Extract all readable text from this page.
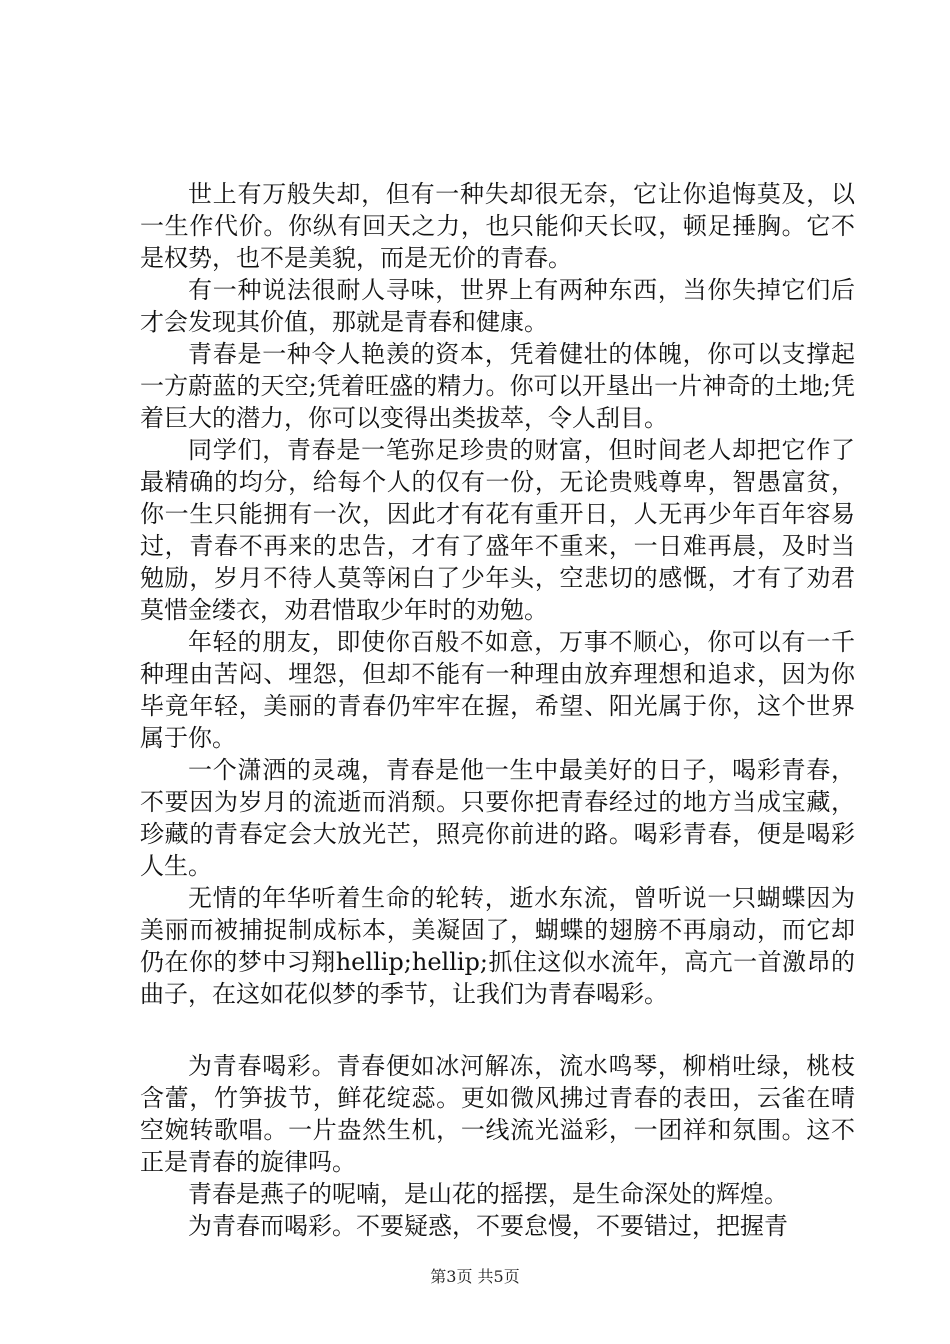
世上有万般失却，但有一种失却很无奈，它让你追悔莫及，以一生作代价。你纵有回天之力，也只能仰天长叹，顿足捶胸。它不是权势，也不是美貌，而是无价的青春。

有一种说法很耐人寻味，世界上有两种东西，当你失掉它们后才会发现其价值，那就是青春和健康。

青春是一种令人艳羡的资本，凭着健壮的体魄，你可以支撑起一方蔚蓝的天空;凭着旺盛的精力。你可以开垦出一片神奇的土地;凭着巨大的潜力，你可以变得出类拔萃，令人刮目。

同学们，青春是一笔弥足珍贵的财富，但时间老人却把它作了最精确的均分，给每个人的仅有一份，无论贵贱尊卑，智愚富贫，你一生只能拥有一次，因此才有花有重开日，人无再少年百年容易过，青春不再来的忠告，才有了盛年不重来，一日难再晨，及时当勉励，岁月不待人莫等闲白了少年头，空悲切的感慨，才有了劝君莫惜金缕衣，劝君惜取少年时的劝勉。

年轻的朋友，即使你百般不如意，万事不顺心，你可以有一千种理由苦闷、埋怨，但却不能有一种理由放弃理想和追求，因为你毕竟年轻，美丽的青春仍牢牢在握，希望、阳光属于你，这个世界属于你。

一个潇洒的灵魂，青春是他一生中最美好的日子，喝彩青春，不要因为岁月的流逝而消颓。只要你把青春经过的地方当成宝藏，珍藏的青春定会大放光芒，照亮你前进的路。喝彩青春，便是喝彩人生。

无情的年华听着生命的轮转，逝水东流，曾听说一只蝴蝶因为美丽而被捕捉制成标本，美凝固了，蝴蝶的翅膀不再扇动，而它却仍在你的梦中习翔hellip;hellip;抓住这似水流年，高亢一首激昂的曲子，在这如花似梦的季节，让我们为青春喝彩。

为青春喝彩。青春便如冰河解冻，流水鸣琴，柳梢吐绿，桃枝含蕾，竹笋拔节，鲜花绽蕊。更如微风拂过青春的表田，云雀在晴空婉转歌唱。一片盎然生机，一线流光溢彩，一团祥和氛围。这不正是青春的旋律吗。

青春是燕子的呢喃，是山花的摇摆，是生命深处的辉煌。

为青春而喝彩。不要疑惑，不要怠慢，不要错过，把握青

第3页 共5页
